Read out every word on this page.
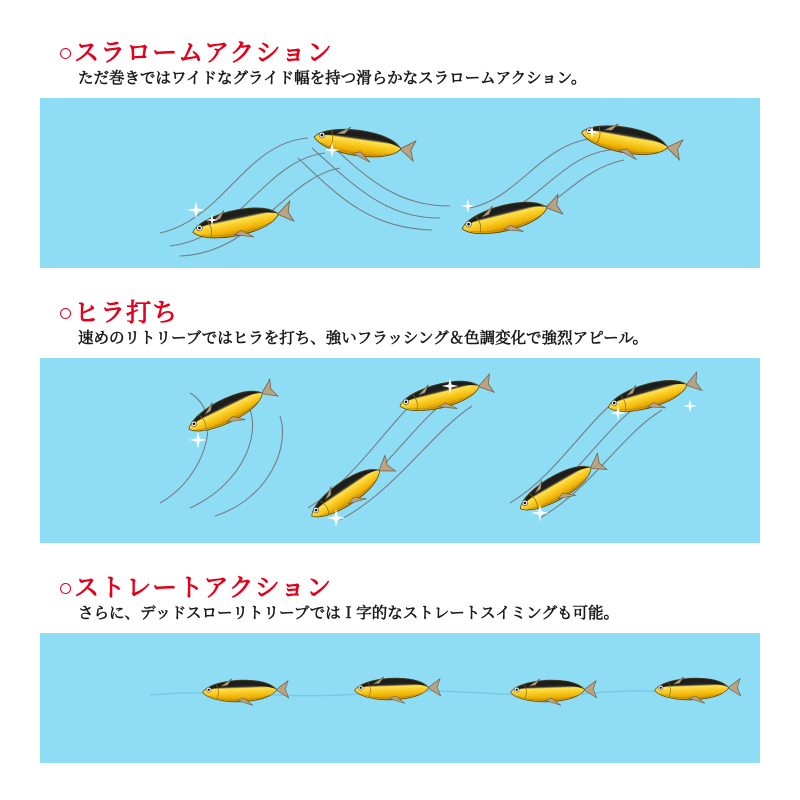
○スラロームアクション
ただ巻きではワイドなグライド幅を持つ滑らかなスラロームアクション。
○ヒラ打ち
速めのリトリーブではヒラを打ち、強いフラッシング＆色調変化で強烈アピール。
○ストレートアクション
さらに、デッドスローリトリーブではＩ字的なストレートスイミングも可能。
